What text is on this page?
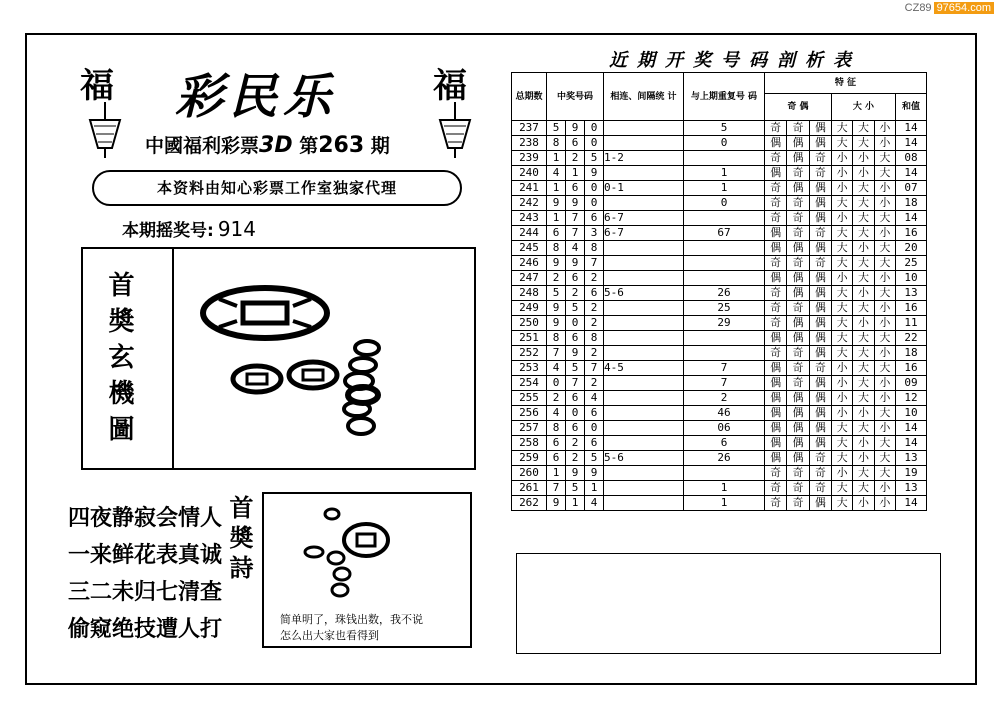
CZ89 97654.com
福	福
彩民乐
中國福利彩票3D 第263 期
本资料由知心彩票工作室独家代理
本期摇奖号: 914
首奬玄機圖
四夜静寂会情人
一来鲜花表真诚
三二未归七清查
偷窥绝技遭人打
首奬詩
简单明了，珠钱出数，我不说
怎么出大家也看得到
近期开奖号码剖析表
总期数	中奖号码			相连、间隔统 计	与上期重复号 码	特 征						
						奇 偶			大 小			和值
237	5	9	0		5	奇	奇	偶	大	大	小	14
238	8	6	0		0	偶	偶	偶	大	大	小	14
239	1	2	5	1-2		奇	偶	奇	小	小	大	08
240	4	1	9		1	偶	奇	奇	小	小	大	14
241	1	6	0	0-1	1	奇	偶	偶	小	大	小	07
242	9	9	0		0	奇	奇	偶	大	大	小	18
243	1	7	6	6-7		奇	奇	偶	小	大	大	14
244	6	7	3	6-7	67	偶	奇	奇	大	大	小	16
245	8	4	8			偶	偶	偶	大	小	大	20
246	9	9	7			奇	奇	奇	大	大	大	25
247	2	6	2			偶	偶	偶	小	大	小	10
248	5	2	6	5-6	26	奇	偶	偶	大	小	大	13
249	9	5	2		25	奇	奇	偶	大	大	小	16
250	9	0	2		29	奇	偶	偶	大	小	小	11
251	8	6	8			偶	偶	偶	大	大	大	22
252	7	9	2			奇	奇	偶	大	大	小	18
253	4	5	7	4-5	7	偶	奇	奇	小	大	大	16
254	0	7	2		7	偶	奇	偶	小	大	小	09
255	2	6	4		2	偶	偶	偶	小	大	小	12
256	4	0	6		46	偶	偶	偶	小	小	大	10
257	8	6	0		06	偶	偶	偶	大	大	小	14
258	6	2	6		6	偶	偶	偶	大	小	大	14
259	6	2	5	5-6	26	偶	偶	奇	大	小	大	13
260	1	9	9			奇	奇	奇	小	大	大	19
261	7	5	1		1	奇	奇	奇	大	大	小	13
262	9	1	4		1	奇	奇	偶	大	小	小	14
